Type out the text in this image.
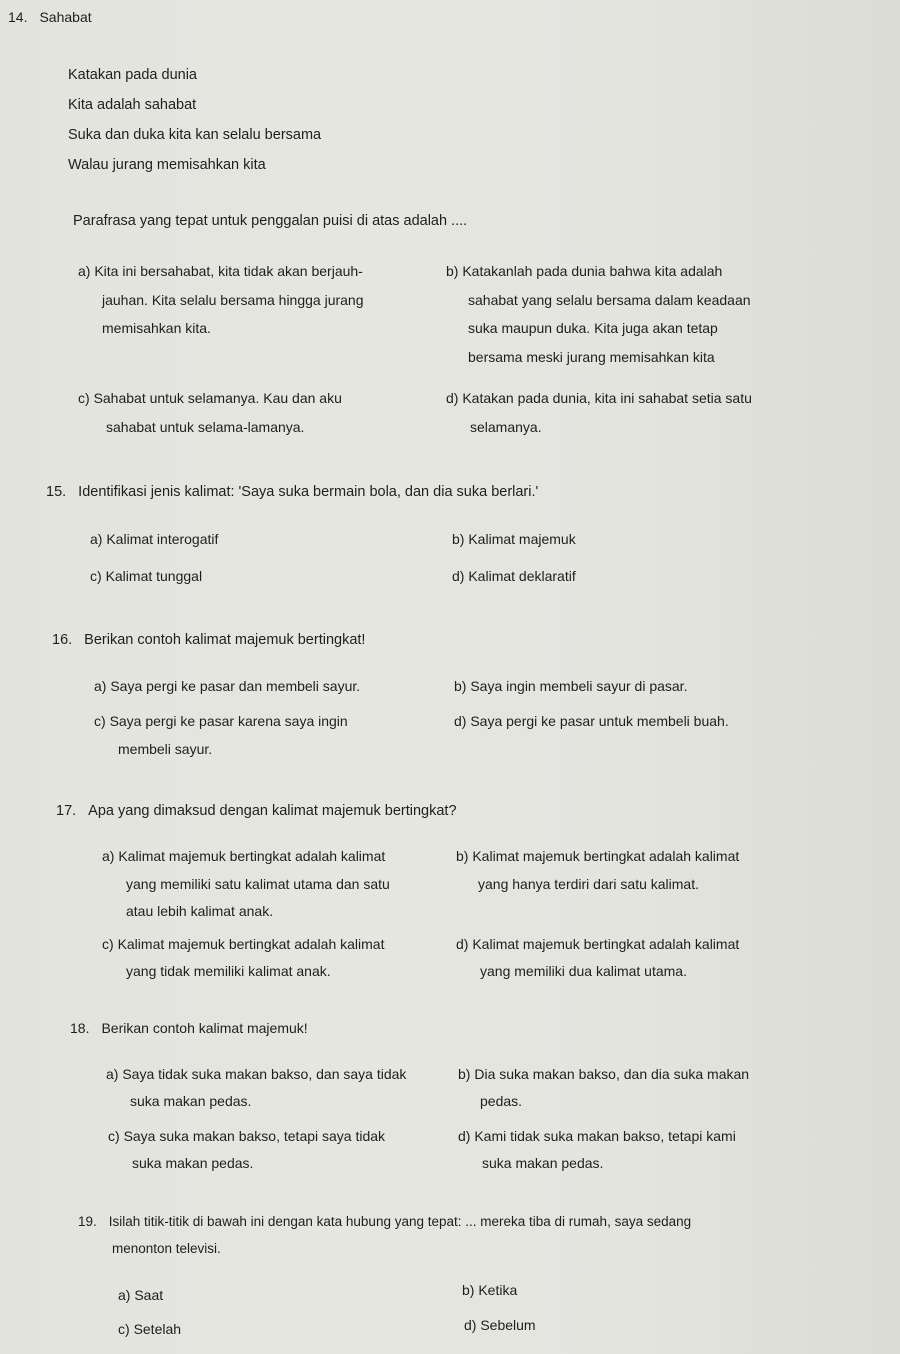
14. Sahabat
Katakan pada dunia
Kita adalah sahabat
Suka dan duka kita kan selalu bersama
Walau jurang memisahkan kita
Parafrasa yang tepat untuk penggalan puisi di atas adalah ....
a) Kita ini bersahabat, kita tidak akan berjauh-
jauhan. Kita selalu bersama hingga jurang
memisahkan kita.
b) Katakanlah pada dunia bahwa kita adalah
sahabat yang selalu bersama dalam keadaan
suka maupun duka. Kita juga akan tetap
bersama meski jurang memisahkan kita
c) Sahabat untuk selamanya. Kau dan aku
sahabat untuk selama-lamanya.
d) Katakan pada dunia, kita ini sahabat setia satu
selamanya.
15. Identifikasi jenis kalimat: 'Saya suka bermain bola, dan dia suka berlari.'
a) Kalimat interogatif	b) Kalimat majemuk
c) Kalimat tunggal	d) Kalimat deklaratif
16. Berikan contoh kalimat majemuk bertingkat!
a) Saya pergi ke pasar dan membeli sayur.	b) Saya ingin membeli sayur di pasar.
c) Saya pergi ke pasar karena saya ingin
membeli sayur.
d) Saya pergi ke pasar untuk membeli buah.
17. Apa yang dimaksud dengan kalimat majemuk bertingkat?
a) Kalimat majemuk bertingkat adalah kalimat
yang memiliki satu kalimat utama dan satu
atau lebih kalimat anak.
b) Kalimat majemuk bertingkat adalah kalimat
yang hanya terdiri dari satu kalimat.
c) Kalimat majemuk bertingkat adalah kalimat
yang tidak memiliki kalimat anak.
d) Kalimat majemuk bertingkat adalah kalimat
yang memiliki dua kalimat utama.
18. Berikan contoh kalimat majemuk!
a) Saya tidak suka makan bakso, dan saya tidak
suka makan pedas.
b) Dia suka makan bakso, dan dia suka makan
pedas.
c) Saya suka makan bakso, tetapi saya tidak
suka makan pedas.
d) Kami tidak suka makan bakso, tetapi kami
suka makan pedas.
19. Isilah titik-titik di bawah ini dengan kata hubung yang tepat: ... mereka tiba di rumah, saya sedang
menonton televisi.
a) Saat	b) Ketika
c) Setelah	d) Sebelum
